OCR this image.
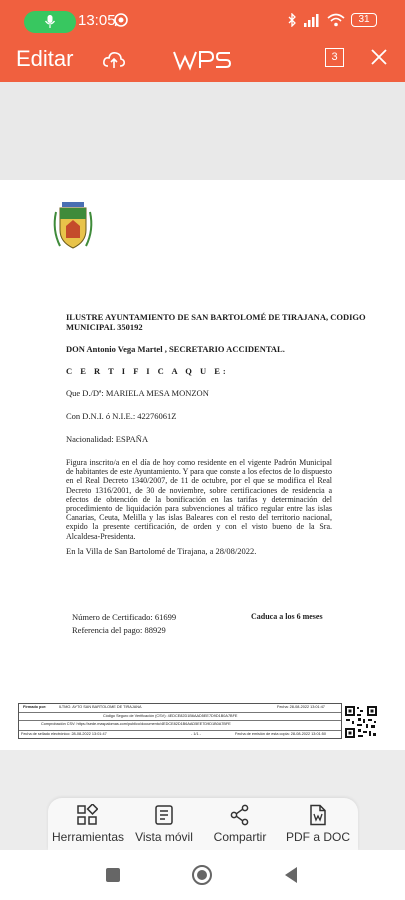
13:05	31
Editar	3
ILUSTRE AYUNTAMIENTO DE SAN BARTOLOMÉ DE TIRAJANA, CODIGO MUNICIPAL 350192
DON Antonio Vega Martel , SECRETARIO ACCIDENTAL.
C E R T I F I C A Q U E:
Que D./Dª: MARIELA MESA MONZON
Con D.N.I. ó N.I.E.: 42276061Z
Nacionalidad: ESPAÑA
Figura inscrito/a en el día de hoy como residente en el vigente Padrón Municipal de habitantes de este Ayuntamiento. Y para que conste a los efectos de lo dispuesto en el Real Decreto 1340/2007, de 11 de octubre, por el que se modifica el Real Decreto 1316/2001, de 30 de noviembre, sobre certificaciones de residencia a efectos de obtención de la bonificación en las tarifas y determinación del procedimiento de liquidación para subvenciones al tráfico regular entre las islas Canarias, Ceuta, Melilla y las islas Baleares con el resto del territorio nacional, expido la presente certificación, de orden y con el visto bueno de la Sra. Alcaldesa-Presidenta.
En la Villa de San Bartolomé de Tirajana, a 28/08/2022.
Número de Certificado: 61699
Referencia del pago: 88929
Caduca a los 6 meses
Firmado por:	ILTMO. AYTO SAN BARTOLOME DE TIRAJANA	Fecha: 28-08-2022 13:01:47
Código Seguro de Verificación (CSV): 4EDCE82D1B6AAD5EE7D9D1B0A7BFE
Comprobación CSV: https://sede.maspalomas.com/publico/documento/4EDCE82D1B6AAD5EE7D9D1B0A7BFE
Fecha de sellado electrónico: 28-08-2022 13:01:47	- 1/1 -	Fecha de emisión de esta copia: 28-08-2022 13:01:50
Herramientas Vista móvil	Compartir	PDF a DOC
